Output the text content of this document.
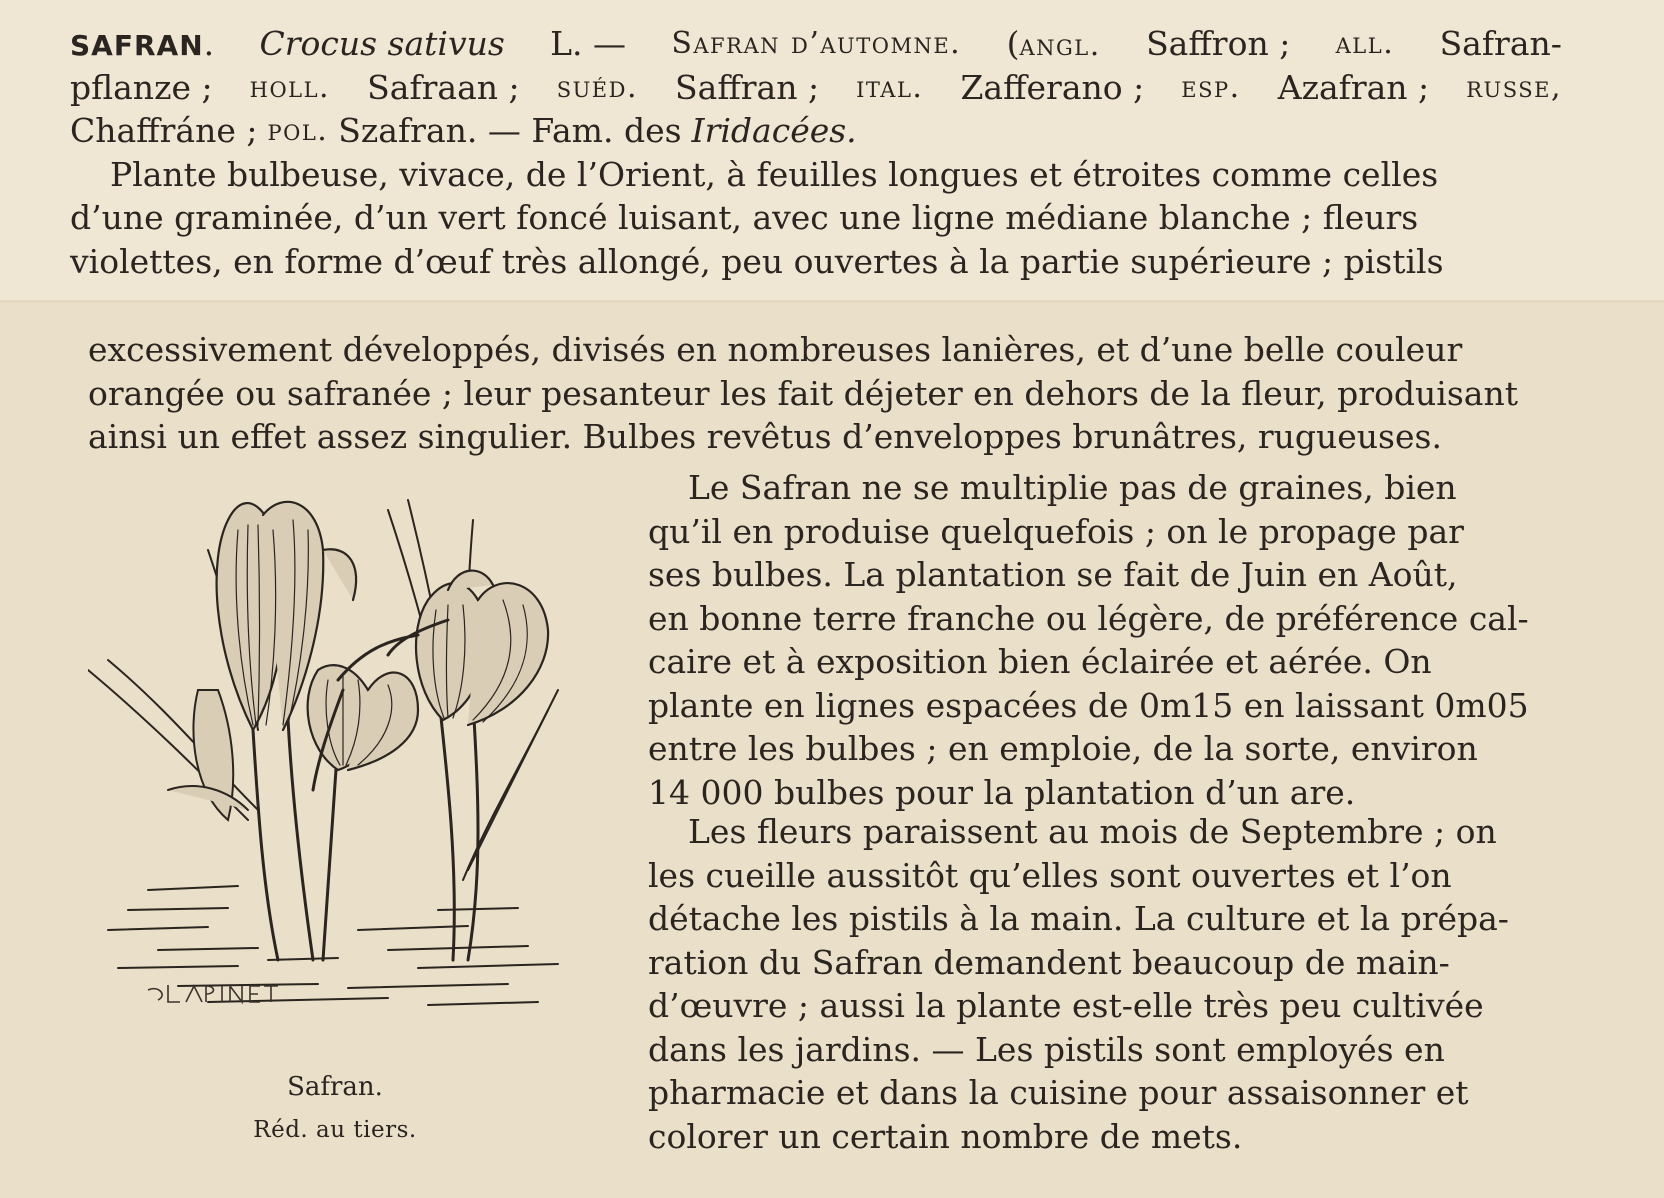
SAFRAN. Crocus sativus L. — Safran d’automne. (angl. Saffron ; all. Safran-
pflanze ; holl. Safraan ; suéd. Saffran ; ital. Zafferano ; esp. Azafran ; russe,
Chaffráne ; pol. Szafran. — Fam. des Iridacées.
Plante bulbeuse, vivace, de l’Orient, à feuilles longues et étroites comme celles
d’une graminée, d’un vert foncé luisant, avec une ligne médiane blanche ; fleurs
violettes, en forme d’œuf très allongé, peu ouvertes à la partie supérieure ; pistils
excessivement développés, divisés en nombreuses lanières, et d’une belle couleur
orangée ou safranée ; leur pesanteur les fait déjeter en dehors de la fleur, produisant
ainsi un effet assez singulier. Bulbes revêtus d’enveloppes brunâtres, rugueuses.
Le Safran ne se multiplie pas de graines, bien
qu’il en produise quelquefois ; on le propage par
ses bulbes. La plantation se fait de Juin en Août,
en bonne terre franche ou légère, de préférence cal-
caire et à exposition bien éclairée et aérée. On
plante en lignes espacées de 0m15 en laissant 0m05
entre les bulbes ; en emploie, de la sorte, environ
14 000 bulbes pour la plantation d’un are.
Les fleurs paraissent au mois de Septembre ; on
les cueille aussitôt qu’elles sont ouvertes et l’on
détache les pistils à la main. La culture et la prépa-
ration du Safran demandent beaucoup de main-
d’œuvre ; aussi la plante est-elle très peu cultivée
dans les jardins. — Les pistils sont employés en
pharmacie et dans la cuisine pour assaisonner et
colorer un certain nombre de mets.
Safran.
Réd. au tiers.
